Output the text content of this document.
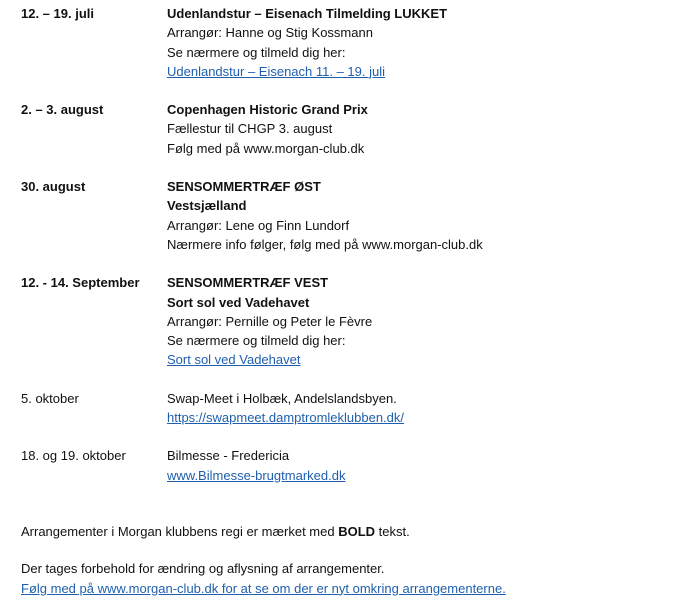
12. – 19. juli	Udenlandstur – Eisenach Tilmelding LUKKET
Arrangør: Hanne og Stig Kossmann
Se nærmere og tilmeld dig her:
Udenlandstur – Eisenach 11. – 19. juli
2. – 3. august	Copenhagen Historic Grand Prix
Fællestur til CHGP 3. august
Følg med på www.morgan-club.dk
30. august	SENSOMMERTRÆF ØST
Vestsjælland
Arrangør: Lene og Finn Lundorf
Nærmere info følger, følg med på www.morgan-club.dk
12. - 14. September	SENSOMMERTRÆF VEST
Sort sol ved Vadehavet
Arrangør: Pernille og Peter le Fèvre
Se nærmere og tilmeld dig her:
Sort sol ved Vadehavet
5. oktober	Swap-Meet i Holbæk, Andelslandsbyen.
https://swapmeet.damptromleklubben.dk/
18. og 19. oktober	Bilmesse - Fredericia
www.Bilmesse-brugtmarked.dk

Arrangementer i Morgan klubbens regi er mærket med BOLD tekst.

Der tages forbehold for ændring og aflysning af arrangementer.

Følg med på www.morgan-club.dk for at se om der er nyt omkring arrangementerne.
